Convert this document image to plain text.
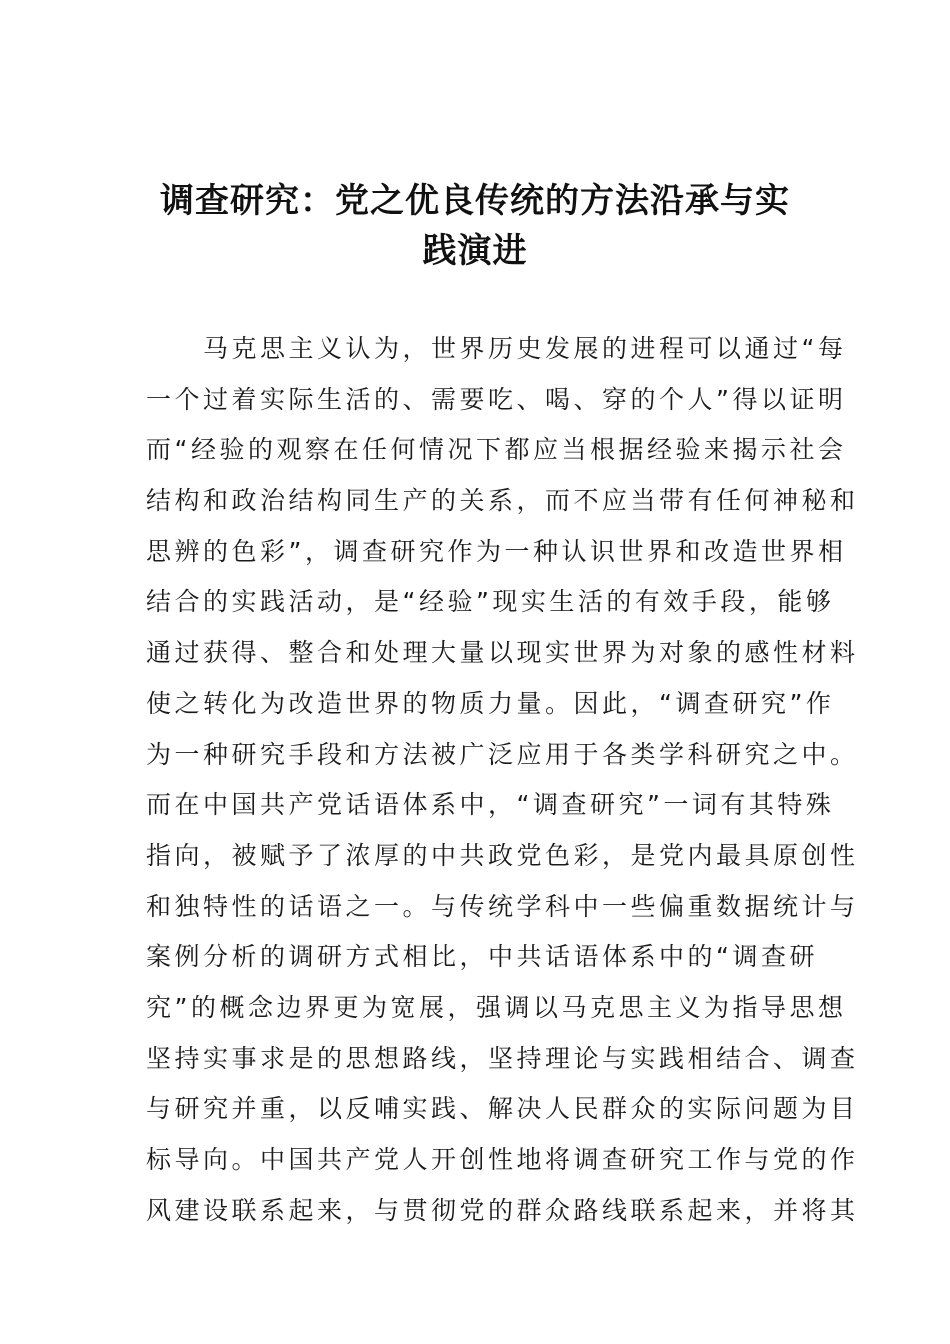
调查研究：党之优良传统的方法沿承与实
践演进
　　马克思主义认为，世界历史发展的进程可以通过“每
一个过着实际生活的、需要吃、喝、穿的个人”得以证明
而“经验的观察在任何情况下都应当根据经验来揭示社会
结构和政治结构同生产的关系，而不应当带有任何神秘和
思辨的色彩”，调查研究作为一种认识世界和改造世界相
结合的实践活动，是“经验”现实生活的有效手段，能够
通过获得、整合和处理大量以现实世界为对象的感性材料
使之转化为改造世界的物质力量。因此，“调查研究”作
为一种研究手段和方法被广泛应用于各类学科研究之中。
而在中国共产党话语体系中，“调查研究”一词有其特殊
指向，被赋予了浓厚的中共政党色彩，是党内最具原创性
和独特性的话语之一。与传统学科中一些偏重数据统计与
案例分析的调研方式相比，中共话语体系中的“调查研
究”的概念边界更为宽展，强调以马克思主义为指导思想
坚持实事求是的思想路线，坚持理论与实践相结合、调查
与研究并重，以反哺实践、解决人民群众的实际问题为目
标导向。中国共产党人开创性地将调查研究工作与党的作
风建设联系起来，与贯彻党的群众路线联系起来，并将其
